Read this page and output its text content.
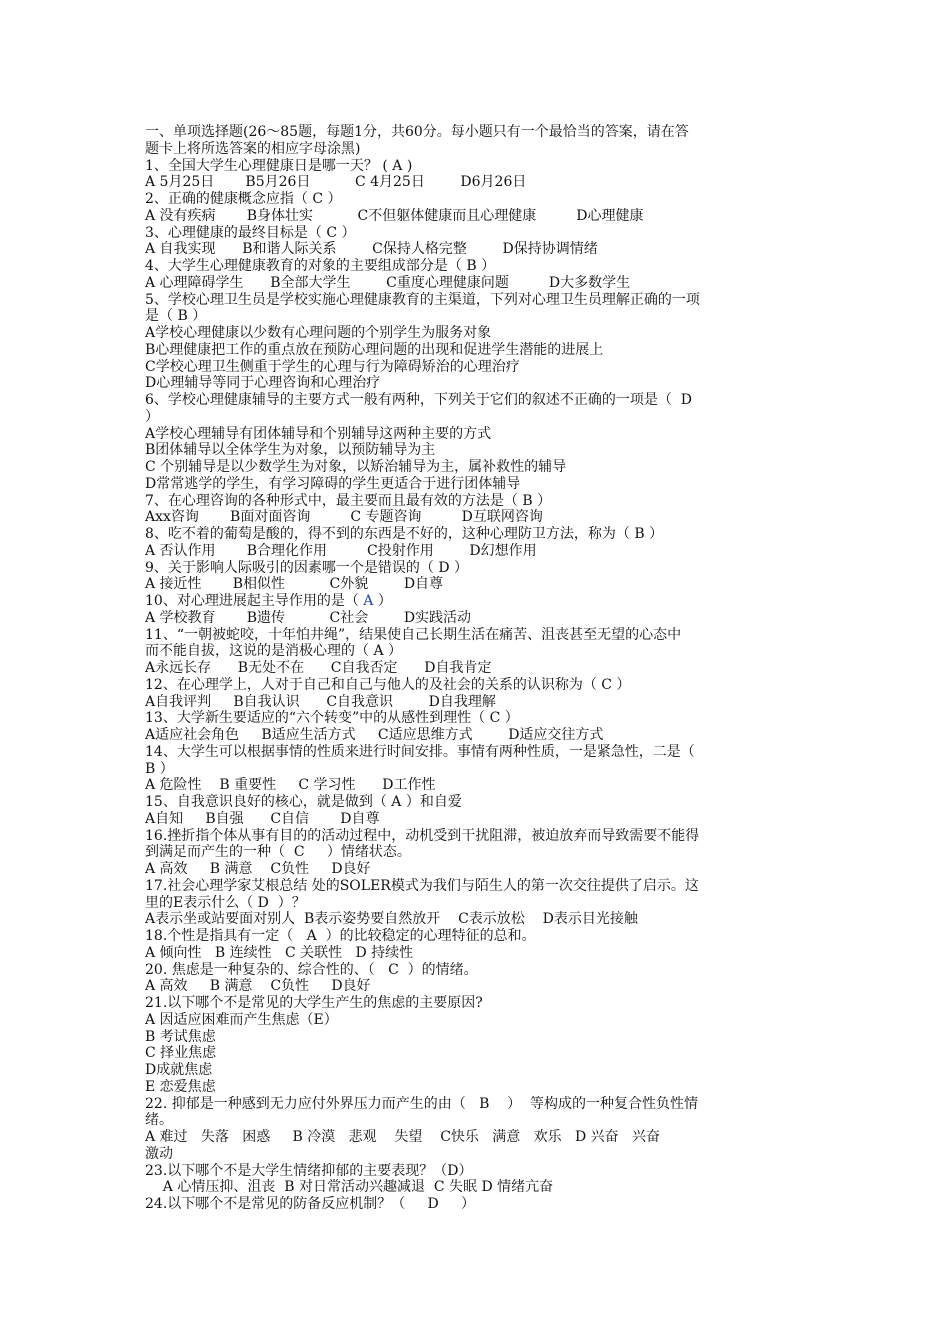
一、单项选择题(26～85题，每题1分，共60分。每小题只有一个最恰当的答案，请在答
题卡上将所选答案的相应字母涂黑)
1、全国大学生心理健康日是哪一天？ ( A )
A 5月25日       B5月26日          C 4月25日        D6月26日
2、正确的健康概念应指（ C ）
A 没有疾病       B身体壮实          C不但躯体健康而且心理健康         D心理健康
3、心理健康的最终目标是（ C ）
A 自我实现      B和谐人际关系        C保持人格完整        D保持协调情绪
4、大学生心理健康教育的对象的主要组成部分是（ B ）
A 心理障碍学生      B全部大学生        C重度心理健康问题         D大多数学生
5、学校心理卫生员是学校实施心理健康教育的主渠道，下列对心理卫生员理解正确的一项
是（ B ）
A学校心理健康以少数有心理问题的个别学生为服务对象
B心理健康把工作的重点放在预防心理问题的出现和促进学生潜能的进展上
C学校心理卫生侧重于学生的心理与行为障碍矫治的心理治疗
D心理辅导等同于心理咨询和心理治疗
6、学校心理健康辅导的主要方式一般有两种，下列关于它们的叙述不正确的一项是（  D
）
A学校心理辅导有团体辅导和个别辅导这两种主要的方式
B团体辅导以全体学生为对象，以预防辅导为主
C 个别辅导是以少数学生为对象，以矫治辅导为主，属补救性的辅导
D常常逃学的学生，有学习障碍的学生更适合于进行团体辅导
7、在心理咨询的各种形式中，最主要而且最有效的方法是（ B ）
Axx咨询       B面对面咨询         C 专题咨询         D互联网咨询
8、吃不着的葡萄是酸的，得不到的东西是不好的，这种心理防卫方法，称为（ B ）
A 否认作用       B合理化作用         C投射作用        D幻想作用
9、关于影响人际吸引的因素哪一个是错误的（ D ）
A 接近性       B相似性          C外貌        D自尊
10、对心理进展起主导作用的是（ A ）
A 学校教育       B遗传          C社会        D实践活动
11、“一朝被蛇咬，十年怕井绳”，结果使自己长期生活在痛苦、沮丧甚至无望的心态中
而不能自拔，这说的是消极心理的（ A ）
A永远长存      B无处不在      C自我否定      D自我肯定
12、在心理学上，人对于自己和自己与他人的及社会的关系的认识称为（ C ）
A自我评判     B自我认识      C自我意识        D自我理解
13、大学新生要适应的“六个转变”中的从感性到理性（ C ）
A适应社会角色     B适应生活方式     C适应思维方式        D适应交往方式
14、大学生可以根据事情的性质来进行时间安排。事情有两种性质，一是紧急性，二是（
B ）
A 危险性    B 重要性     C 学习性      D工作性
15、自我意识良好的核心，就是做到（ A ）和自爱
A自知     B自强      C自信       D自尊
16.挫折指个体从事有目的的活动过程中，动机受到干扰阻滞，被迫放弃而导致需要不能得
到满足而产生的一种（  C     ）情绪状态。
A 高效     B 满意    C负性     D良好
17.社会心理学家艾根总结 处的SOLER模式为我们与陌生人的第一次交往提供了启示。这
里的E表示什么（ D  ）？
A表示坐或站要面对别人  B表示姿势要自然放开    C表示放松    D表示目光接触
18.个性是指具有一定（   A  ）的比较稳定的心理特征的总和。
A 倾向性   B 连续性   C 关联性   D 持续性
20. 焦虑是一种复杂的、综合性的、（   C  ）的情绪。
A 高效     B 满意    C负性     D良好
21.以下哪个不是常见的大学生产生的焦虑的主要原因?
A 因适应困难而产生焦虑（E）
B 考试焦虑
C 择业焦虑
D成就焦虑
E 恋爱焦虑
22. 抑郁是一种感到无力应付外界压力而产生的由（   B    ）  等构成的一种复合性负性情
绪。
A 难过   失落   困惑     B 冷漠   悲观    失望    C快乐   满意   欢乐   D 兴奋   兴奋
激动
23.以下哪个不是大学生情绪抑郁的主要表现？（D）
A 心情压抑、沮丧  B 对日常活动兴趣减退  C 失眠 D 情绪亢奋
24.以下哪个不是常见的防备反应机制？（     D     ）
